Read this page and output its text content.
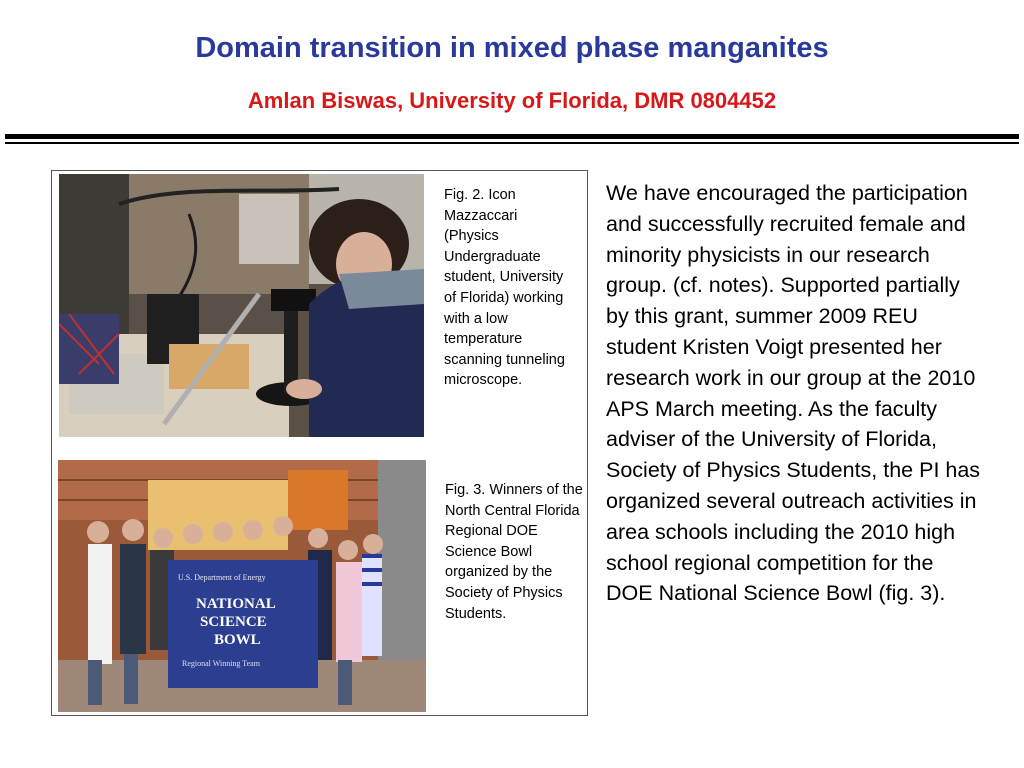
Domain transition in mixed phase manganites
Amlan Biswas, University of Florida, DMR 0804452
Fig. 2. Icon Mazzaccari (Physics Undergraduate student, University of Florida) working with a low temperature scanning tunneling microscope.
U.S. Department of Energy
NATIONAL
SCIENCE
BOWL
Regional Winning Team
Fig. 3. Winners of the North Central Florida Regional DOE Science Bowl organized by the Society of Physics Students.
We have encouraged the participation and successfully recruited female and minority physicists in our research group. (cf. notes). Supported partially by this grant, summer 2009 REU student Kristen Voigt presented her research work in our group at the 2010 APS March meeting. As the faculty adviser of the University of Florida, Society of Physics Students, the PI has organized several outreach activities in area schools including the 2010 high school regional competition for the DOE National Science Bowl (fig. 3).
